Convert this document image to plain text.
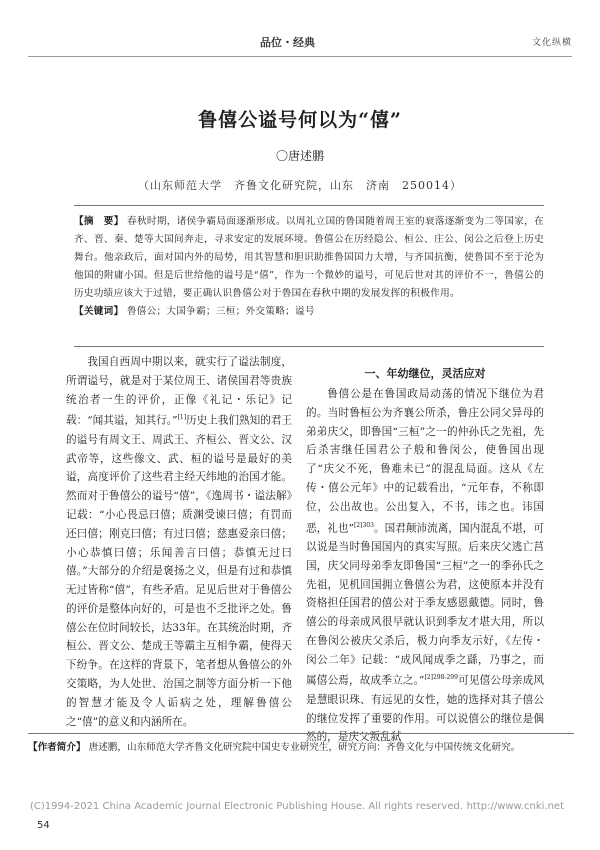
品位・经典	文化纵横
鲁僖公谥号何以为“僖”
〇唐述鹏
（山东师范大学　齐鲁文化研究院，山东　济南　250014）
【摘　要】 春秋时期，诸侯争霸局面逐渐形成。以周礼立国的鲁国随着周王室的衰落逐渐变为二等国家，在齐、晋、秦、楚等大国间奔走，寻求安定的发展环境。鲁僖公在历经隐公、桓公、庄公、闵公之后登上历史舞台。他亲政后，面对国内外的局势，用其智慧和胆识助推鲁国国力大增，与齐国抗衡，使鲁国不至于沦为他国的附庸小国。但是后世给他的谥号是“僖”，作为一个微妙的谥号，可见后世对其的评价不一，鲁僖公的历史功绩应该大于过错，要正确认识鲁僖公对于鲁国在春秋中期的发展发挥的积极作用。
【关键词】 鲁僖公；大国争霸；三桓；外交策略；谥号

我国自西周中期以来，就实行了谥法制度，所谓谥号，就是对于某位周王、诸侯国君等贵族统治者一生的评价，正像《礼记・乐记》记载：“闻其谥，知其行。”[1]历史上我们熟知的君王的谥号有周文王、周武王、齐桓公、晋文公、汉武帝等，这些像文、武、桓的谥号是最好的美谥，高度评价了这些君主经天纬地的治国才能。然而对于鲁僖公的谥号“僖”，《逸周书・谥法解》记载：“小心畏忌曰僖；质渊受谏曰僖；有罚而还曰僖；刚克曰僖；有过曰僖；慈惠爱亲曰僖；小心恭慎曰僖；乐闻善言曰僖；恭慎无过曰僖。”大部分的介绍是褒扬之义，但是有过和恭慎无过皆称“僖”，有些矛盾。足见后世对于鲁僖公的评价是整体向好的，可是也不乏批评之处。鲁僖公在位时间较长，达33年。在其统治时期，齐桓公、晋文公、楚成王等霸主互相争霸，使得天下纷争。在这样的背景下，笔者想从鲁僖公的外交策略，为人处世、治国之制等方面分析一下他的智慧才能及令人诟病之处，理解鲁僖公之“僖”的意义和内涵所在。

一、年幼继位，灵活应对

鲁僖公是在鲁国政局动荡的情况下继位为君的。当时鲁桓公为齐襄公所杀，鲁庄公同父异母的弟弟庆父，即鲁国“三桓”之一的仲孙氏之先祖，先后杀害继任国君公子般和鲁闵公，使鲁国出现了“庆父不死，鲁难未已”的混乱局面。这从《左传・僖公元年》中的记载看出，“元年春，不称即位，公出故也。公出复入，不书，讳之也。讳国恶，礼也”$^{[2]303}$。国君颠沛流离，国内混乱不堪，可以说是当时鲁国国内的真实写照。后来庆父逃亡莒国，庆父同母弟季友即鲁国“三桓”之一的季孙氏之先祖，见机回国拥立鲁僖公为君，这使原本并没有资格担任国君的僖公对于季友感恩戴德。同时，鲁僖公的母亲成风很早就认识到季友才堪大用，所以在鲁闵公被庆父杀后，极力向季友示好，《左传・闵公二年》记载：“成风闻成季之繇，乃事之，而属僖公焉，故成季立之。”$^{[2]298-299}$可见僖公母亲成风是慧眼识珠、有远见的女性，她的选择对其子僖公的继位发挥了重要的作用。可以说僖公的继位是偶然的，是庆父叛乱弑

【作者简介】 唐述鹏，山东师范大学齐鲁文化研究院中国史专业研究生，研究方向：齐鲁文化与中国传统文化研究。
(C)1994-2021 China Academic Journal Electronic Publishing House. All rights reserved. http://www.cnki.net
54
